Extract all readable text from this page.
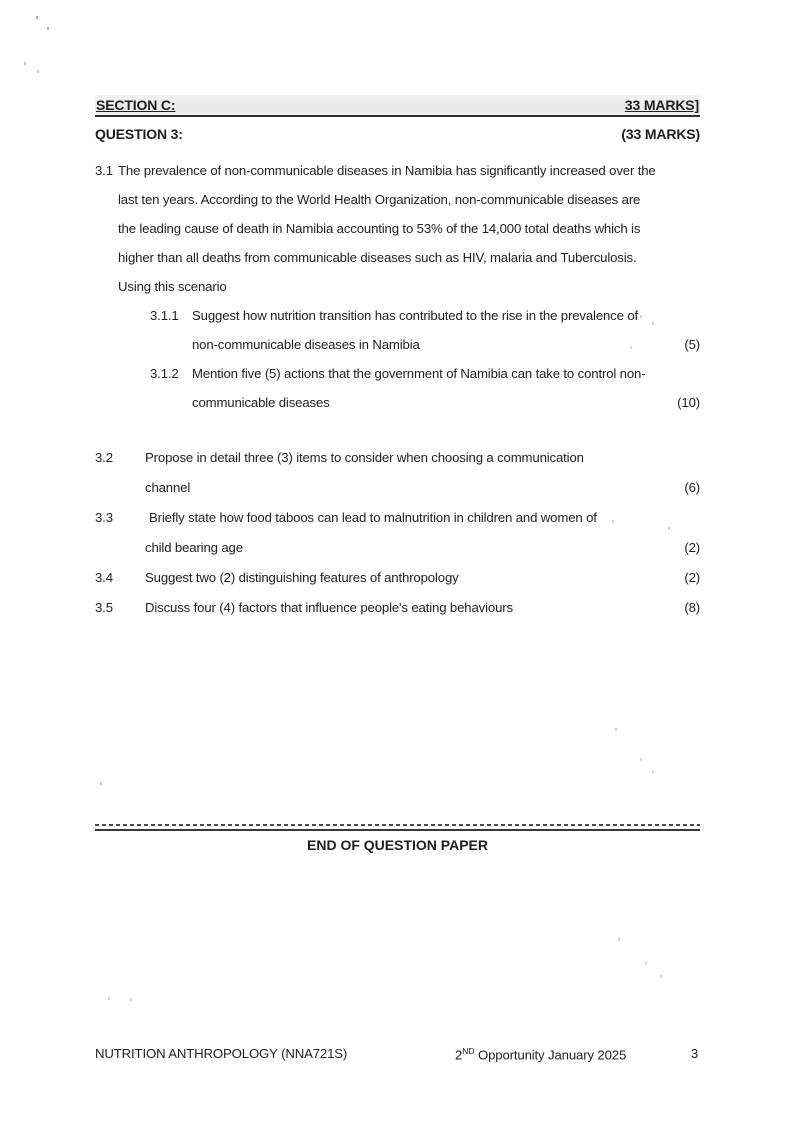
SECTION C:	33 MARKS]
QUESTION 3:	(33 MARKS)
3.1 The prevalence of non-communicable diseases in Namibia has significantly increased over the
last ten years. According to the World Health Organization, non-communicable diseases are
the leading cause of death in Namibia accounting to 53% of the 14,000 total deaths which is
higher than all deaths from communicable diseases such as HIV, malaria and Tuberculosis.
Using this scenario
3.1.1 Suggest how nutrition transition has contributed to the rise in the prevalence of
non-communicable diseases in Namibia	(5)
3.1.2 Mention five (5) actions that the government of Namibia can take to control non-
communicable diseases	(10)
3.2 Propose in detail three (3) items to consider when choosing a communication
channel	(6)
3.3	Briefly state how food taboos can lead to malnutrition in children and women of
child bearing age	(2)
3.4 Suggest two (2) distinguishing features of anthropology	(2)
3.5 Discuss four (4) factors that influence people's eating behaviours	(8)
END OF QUESTION PAPER
NUTRITION ANTHROPOLOGY (NNA721S)	2ND Opportunity January 2025	3
